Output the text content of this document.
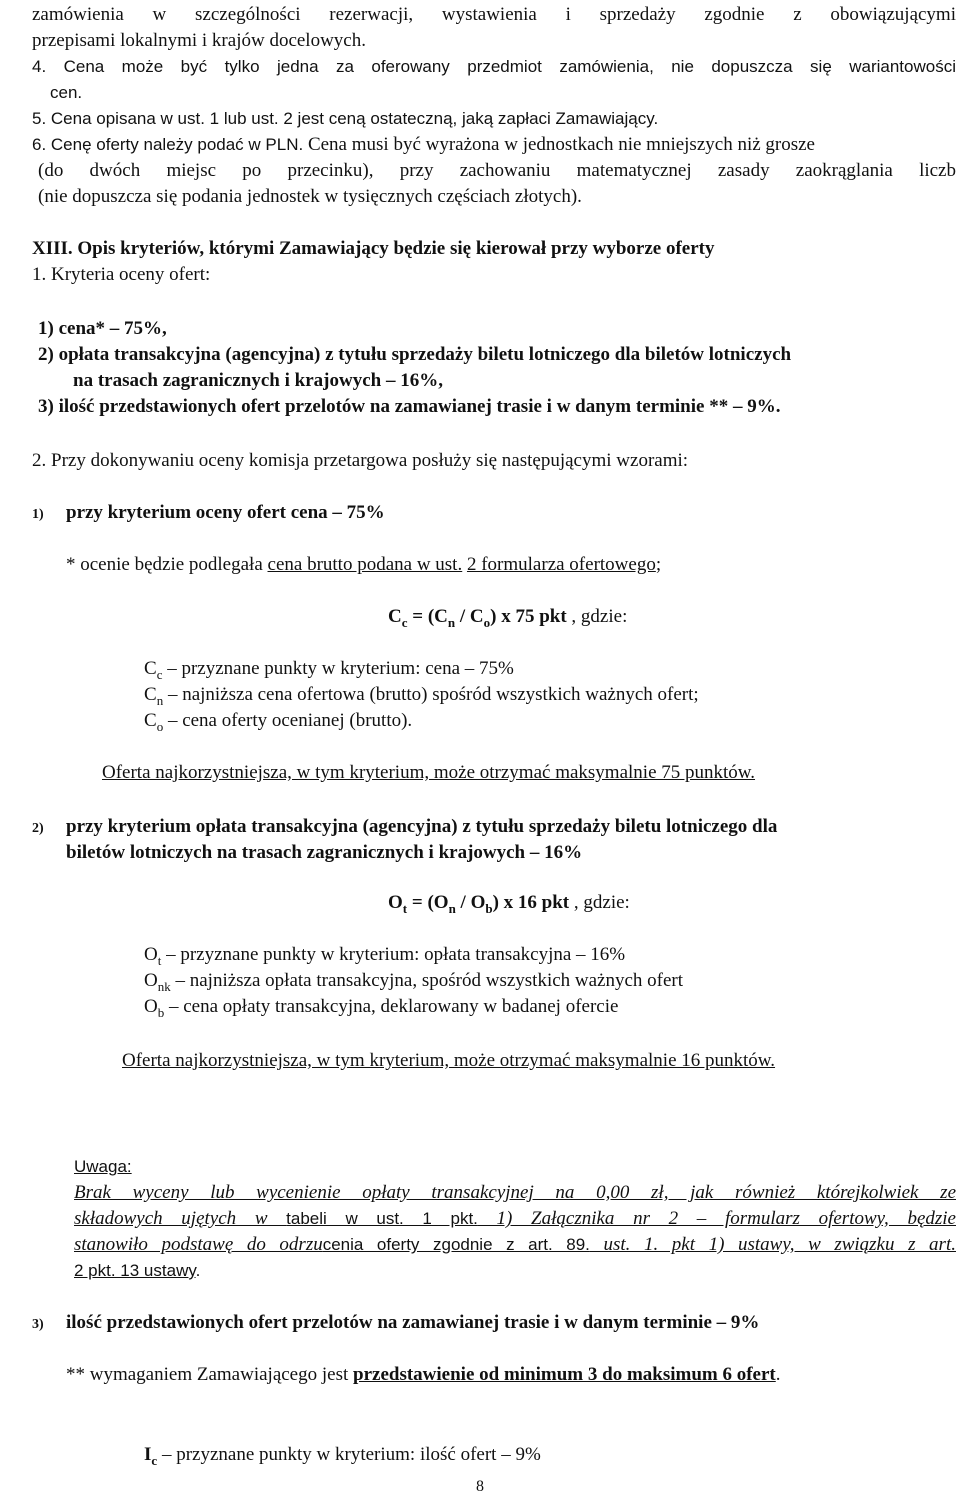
zamówienia w szczególności rezerwacji, wystawienia i sprzedaży zgodnie z obowiązującymi
przepisami lokalnymi i krajów docelowych.
4. Cena może być tylko jedna za oferowany przedmiot zamówienia, nie dopuszcza się wariantowości
cen.
5. Cena opisana w ust. 1 lub ust. 2 jest ceną ostateczną, jaką zapłaci Zamawiający.
6. Cenę oferty należy podać w PLN. Cena musi być wyrażona w jednostkach nie mniejszych niż grosze
(do dwóch miejsc po przecinku), przy zachowaniu matematycznej zasady zaokrąglania liczb
(nie dopuszcza się podania jednostek w tysięcznych częściach złotych).
XIII. Opis kryteriów, którymi Zamawiający będzie się kierował przy wyborze oferty
1. Kryteria oceny ofert:
1) cena* – 75%,
2) opłata transakcyjna (agencyjna) z tytułu sprzedaży biletu lotniczego dla biletów lotniczych
na trasach zagranicznych i krajowych – 16%,
3) ilość przedstawionych ofert przelotów na zamawianej trasie i w danym terminie ** – 9%.
2. Przy dokonywaniu oceny komisja przetargowa posłuży się następującymi wzorami:
1) przy kryterium oceny ofert cena – 75%
* ocenie będzie podlegała cena brutto podana w ust. 2 formularza ofertowego;
$C_c = (C_n / C_o)$ x 75 pkt , gdzie:
$C_c$ – przyznane punkty w kryterium: cena – 75%
$C_n$ – najniższa cena ofertowa (brutto) spośród wszystkich ważnych ofert;
$C_o$ – cena oferty ocenianej (brutto).
Oferta najkorzystniejsza, w tym kryterium, może otrzymać maksymalnie 75 punktów.
2) przy kryterium opłata transakcyjna (agencyjna) z tytułu sprzedaży biletu lotniczego dla
biletów lotniczych na trasach zagranicznych i krajowych – 16%
$O_t = (O_n / O_b)$ x 16 pkt , gdzie:
$O_t$ – przyznane punkty w kryterium: opłata transakcyjna – 16%
$O_{nk}$ – najniższa opłata transakcyjna, spośród wszystkich ważnych ofert
$O_b$ – cena opłaty transakcyjna, deklarowany w badanej ofercie
Oferta najkorzystniejsza, w tym kryterium, może otrzymać maksymalnie 16 punktów.
Uwaga:
Brak wyceny lub wycenienie opłaty transakcyjnej na 0,00 zł, jak również którejkolwiek ze
składowych ujętych w tabeli w ust. 1 pkt. 1) Załącznika nr 2 – formularz ofertowy, będzie
stanowiło podstawę do odrzucenia oferty zgodnie z art. 89. ust. 1. pkt 1) ustawy, w związku z art.
2 pkt. 13 ustawy.
3) ilość przedstawionych ofert przelotów na zamawianej trasie i w danym terminie – 9%
** wymaganiem Zamawiającego jest przedstawienie od minimum 3 do maksimum 6 ofert.
$I_c$ – przyznane punkty w kryterium: ilość ofert – 9%
8
